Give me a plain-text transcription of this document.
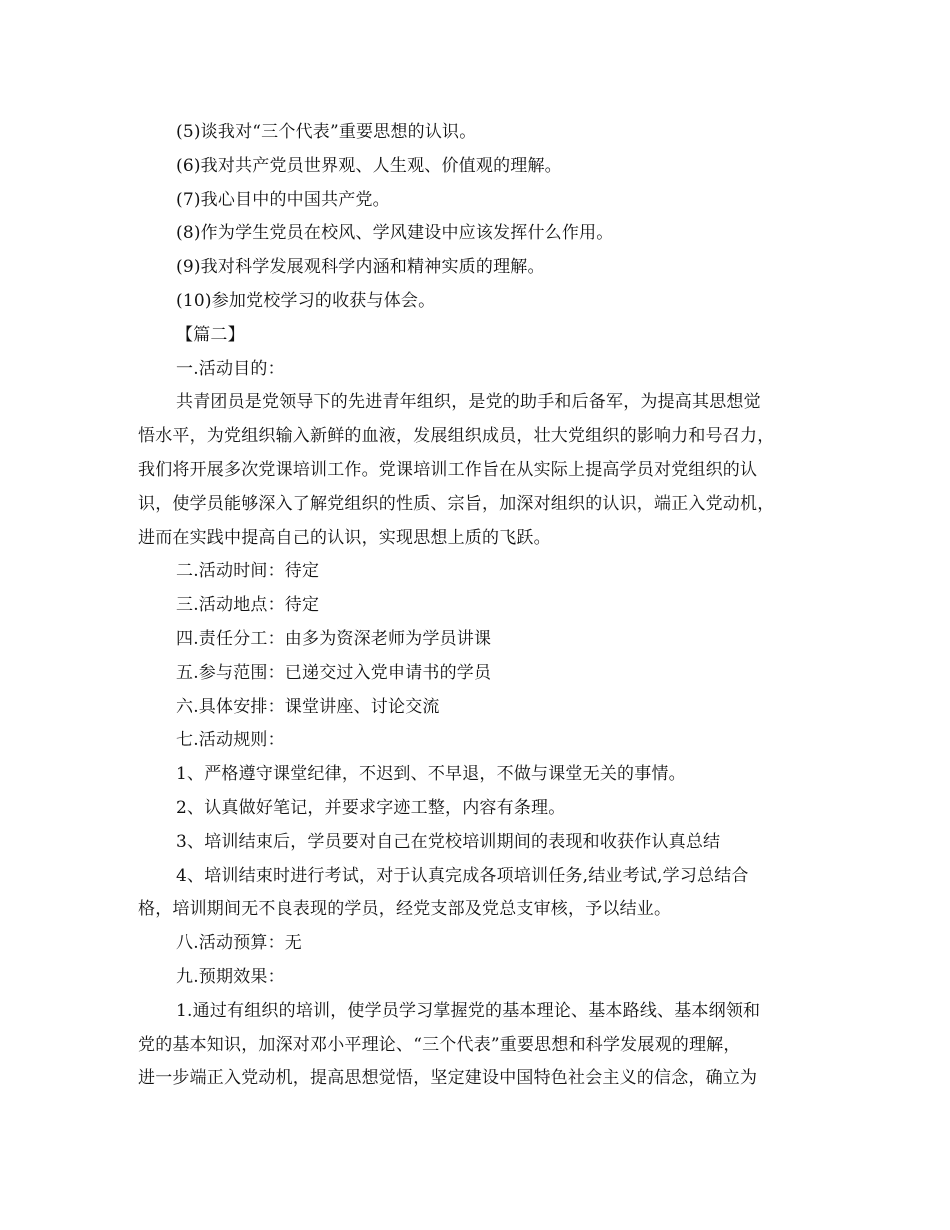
(5)谈我对“三个代表”重要思想的认识。
(6)我对共产党员世界观、人生观、价值观的理解。
(7)我心目中的中国共产党。
(8)作为学生党员在校风、学风建设中应该发挥什么作用。
(9)我对科学发展观科学内涵和精神实质的理解。
(10)参加党校学习的收获与体会。
【篇二】
一.活动目的：
共青团员是党领导下的先进青年组织，是党的助手和后备军，为提高其思想觉
悟水平，为党组织输入新鲜的血液，发展组织成员，壮大党组织的影响力和号召力，
我们将开展多次党课培训工作。党课培训工作旨在从实际上提高学员对党组织的认
识，使学员能够深入了解党组织的性质、宗旨，加深对组织的认识，端正入党动机，
进而在实践中提高自己的认识，实现思想上质的飞跃。
二.活动时间：待定
三.活动地点：待定
四.责任分工：由多为资深老师为学员讲课
五.参与范围：已递交过入党申请书的学员
六.具体安排：课堂讲座、讨论交流
七.活动规则：
1、严格遵守课堂纪律，不迟到、不早退，不做与课堂无关的事情。
2、认真做好笔记，并要求字迹工整，内容有条理。
3、培训结束后，学员要对自己在党校培训期间的表现和收获作认真总结
4、培训结束时进行考试，对于认真完成各项培训任务,结业考试,学习总结合
格，培训期间无不良表现的学员，经党支部及党总支审核，予以结业。
八.活动预算：无
九.预期效果：
1.通过有组织的培训，使学员学习掌握党的基本理论、基本路线、基本纲领和
党的基本知识，加深对邓小平理论、“三个代表”重要思想和科学发展观的理解，
进一步端正入党动机，提高思想觉悟，坚定建设中国特色社会主义的信念，确立为
